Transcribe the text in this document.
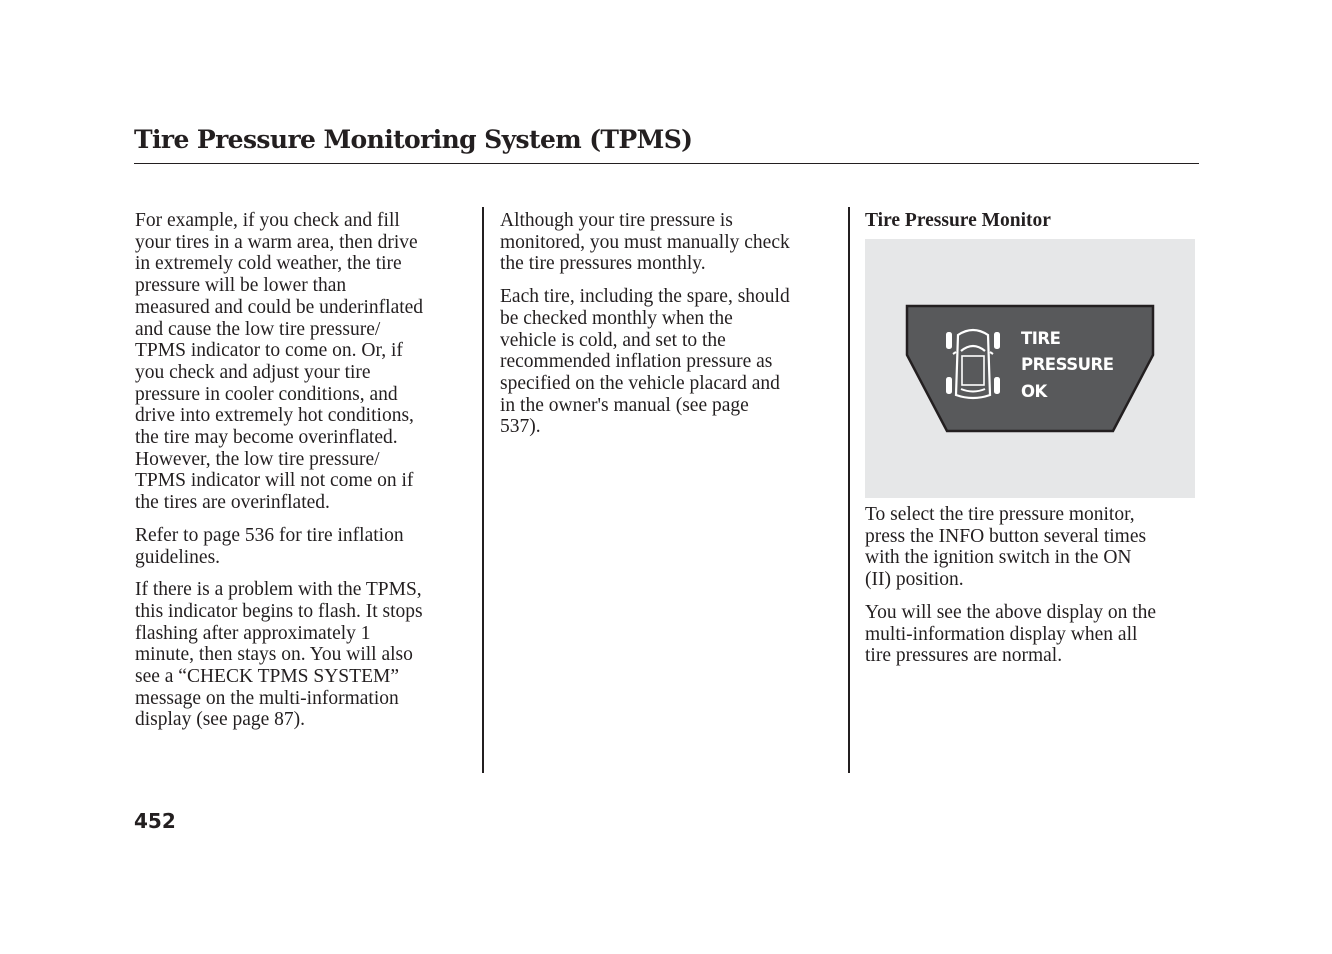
Tire Pressure Monitoring System (TPMS)

For example, if you check and fill
your tires in a warm area, then drive
in extremely cold weather, the tire
pressure will be lower than
measured and could be underinflated
and cause the low tire pressure/
TPMS indicator to come on. Or, if
you check and adjust your tire
pressure in cooler conditions, and
drive into extremely hot conditions,
the tire may become overinflated.
However, the low tire pressure/
TPMS indicator will not come on if
the tires are overinflated.

Refer to page 536 for tire inflation
guidelines.

If there is a problem with the TPMS,
this indicator begins to flash. It stops
flashing after approximately 1
minute, then stays on. You will also
see a “CHECK TPMS SYSTEM”
message on the multi-information
display (see page 87).

Although your tire pressure is
monitored, you must manually check
the tire pressures monthly.

Each tire, including the spare, should
be checked monthly when the
vehicle is cold, and set to the
recommended inflation pressure as
specified on the vehicle placard and
in the owner's manual (see page
537).

Tire Pressure Monitor
TIRE
PRESSURE
OK

To select the tire pressure monitor,
press the INFO button several times
with the ignition switch in the ON
(II) position.

You will see the above display on the
multi-information display when all
tire pressures are normal.

452
